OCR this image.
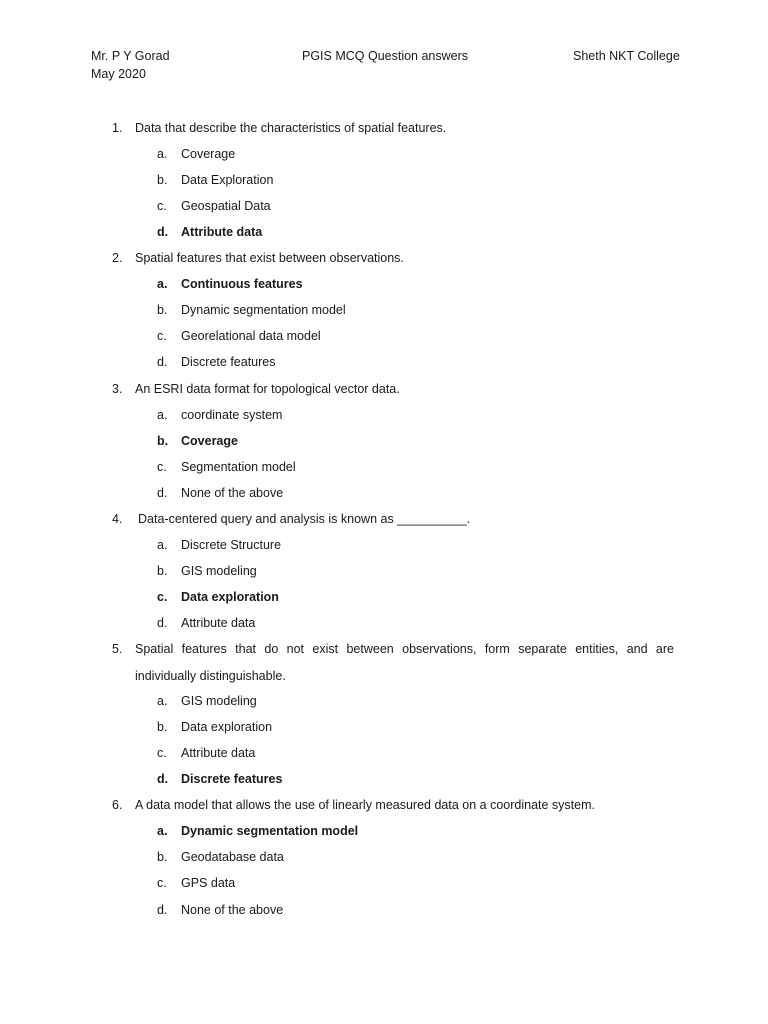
Mr. P Y Gorad
May 2020
PGIS MCQ Question answers	Sheth NKT College
1. Data that describe the characteristics of spatial features.
a. Coverage
b. Data Exploration
c. Geospatial Data
d. Attribute data
2. Spatial features that exist between observations.
a. Continuous features
b. Dynamic segmentation model
c. Georelational data model
d. Discrete features
3. An ESRI data format for topological vector data.
a. coordinate system
b. Coverage
c. Segmentation model
d. None of the above
4. Data-centered query and analysis is known as __________.
a. Discrete Structure
b. GIS modeling
c. Data exploration
d. Attribute data
5. Spatial features that do not exist between observations, form separate entities, and are
individually distinguishable.
a. GIS modeling
b. Data exploration
c. Attribute data
d. Discrete features
6. A data model that allows the use of linearly measured data on a coordinate system.
a. Dynamic segmentation model
b. Geodatabase data
c. GPS data
d. None of the above
